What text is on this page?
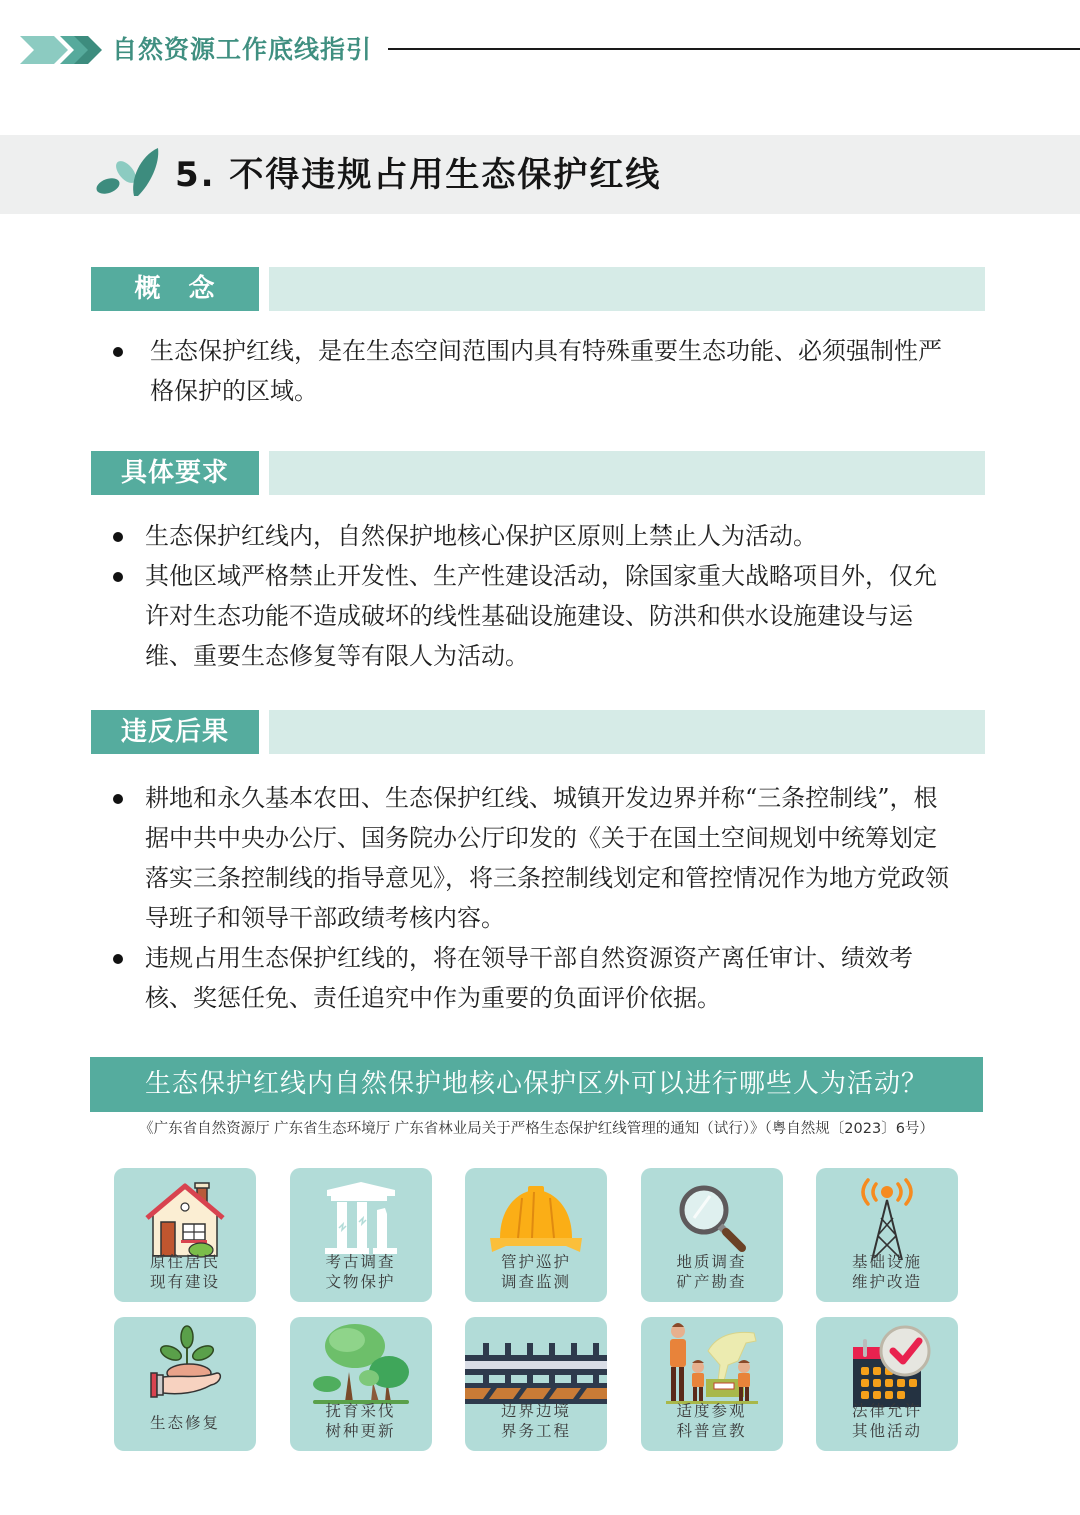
自然资源工作底线指引
5. 不得违规占用生态保护红线
概　念
生态保护红线，是在生态空间范围内具有特殊重要生态功能、必须强制性严格保护的区域。
具体要求
生态保护红线内，自然保护地核心保护区原则上禁止人为活动。
其他区域严格禁止开发性、生产性建设活动，除国家重大战略项目外，仅允许对生态功能不造成破坏的线性基础设施建设、防洪和供水设施建设与运维、重要生态修复等有限人为活动。
违反后果
耕地和永久基本农田、生态保护红线、城镇开发边界并称“三条控制线”，根据中共中央办公厅、国务院办公厅印发的《关于在国土空间规划中统筹划定落实三条控制线的指导意见》，将三条控制线划定和管控情况作为地方党政领导班子和领导干部政绩考核内容。
违规占用生态保护红线的，将在领导干部自然资源资产离任审计、绩效考核、奖惩任免、责任追究中作为重要的负面评价依据。
生态保护红线内自然保护地核心保护区外可以进行哪些人为活动？
《广东省自然资源厅 广东省生态环境厅 广东省林业局关于严格生态保护红线管理的通知（试行）》（粤自然规〔2023〕6号）
原住居民
现有建设
考古调查
文物保护
管护巡护
调查监测
地质调查
矿产勘查
基础设施
维护改造
生态修复
抚育采伐
树种更新
边界边境
界务工程
适度参观
科普宣教
法律允许
其他活动
